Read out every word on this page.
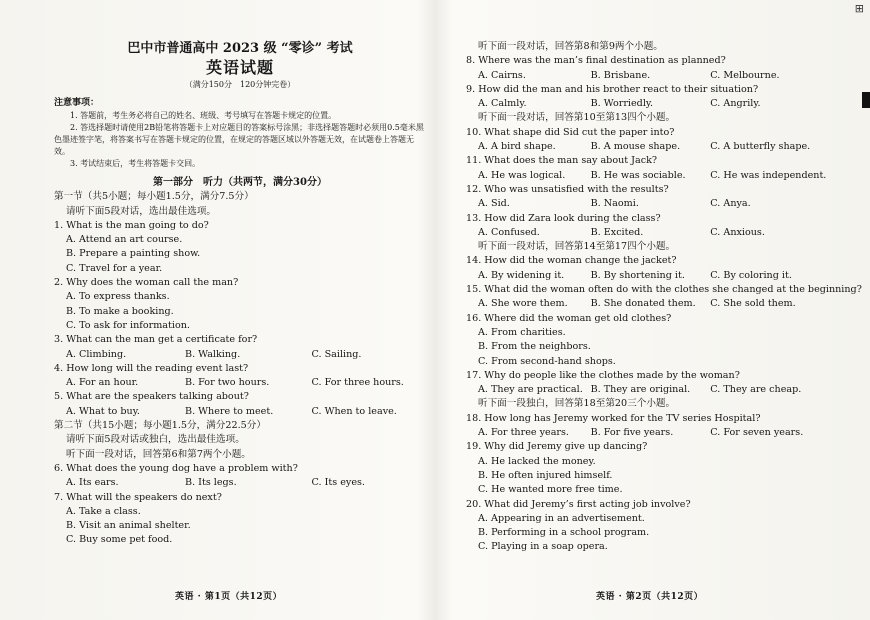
⊞
巴中市普通高中 2023 级 “零诊” 考试
英语试题
（满分150分　120分钟完卷）
注意事项：
1. 答题前，考生务必将自己的姓名、班级、考号填写在答题卡规定的位置。
2. 答选择题时请使用2B铅笔将答题卡上对应题目的答案标号涂黑；非选择题答题时必须用0.5毫米黑色墨迹签字笔，将答案书写在答题卡规定的位置，在规定的答题区域以外答题无效，在试题卷上答题无效。
3. 考试结束后，考生将答题卡交回。
第一部分　听力（共两节，满分30分）
第一节（共5小题；每小题1.5分，满分7.5分）
请听下面5段对话，选出最佳选项。
1. What is the man going to do?
A. Attend an art course.
B. Prepare a painting show.
C. Travel for a year.
2. Why does the woman call the man?
A. To express thanks.
B. To make a booking.
C. To ask for information.
3. What can the man get a certificate for?
A. Climbing.	B. Walking.	C. Sailing.
4. How long will the reading event last?
A. For an hour.	B. For two hours.	C. For three hours.
5. What are the speakers talking about?
A. What to buy.	B. Where to meet.	C. When to leave.
第二节（共15小题；每小题1.5分，满分22.5分）
请听下面5段对话或独白，选出最佳选项。
听下面一段对话，回答第6和第7两个小题。
6. What does the young dog have a problem with?
A. Its ears.	B. Its legs.	C. Its eyes.
7. What will the speakers do next?
A. Take a class.
B. Visit an animal shelter.
C. Buy some pet food.
听下面一段对话，回答第8和第9两个小题。
8. Where was the man’s final destination as planned?
A. Cairns.	B. Brisbane.	C. Melbourne.
9. How did the man and his brother react to their situation?
A. Calmly.	B. Worriedly.	C. Angrily.
听下面一段对话，回答第10至第13四个小题。
10. What shape did Sid cut the paper into?
A. A bird shape.	B. A mouse shape.	C. A butterfly shape.
11. What does the man say about Jack?
A. He was logical.	B. He was sociable.	C. He was independent.
12. Who was unsatisfied with the results?
A. Sid.	B. Naomi.	C. Anya.
13. How did Zara look during the class?
A. Confused.	B. Excited.	C. Anxious.
听下面一段对话，回答第14至第17四个小题。
14. How did the woman change the jacket?
A. By widening it.	B. By shortening it.	C. By coloring it.
15. What did the woman often do with the clothes she changed at the beginning?
A. She wore them.	B. She donated them.	C. She sold them.
16. Where did the woman get old clothes?
A. From charities.
B. From the neighbors.
C. From second-hand shops.
17. Why do people like the clothes made by the woman?
A. They are practical. B. They are original.	C. They are cheap.
听下面一段独白，回答第18至第20三个小题。
18. How long has Jeremy worked for the TV series Hospital?
A. For three years.	B. For five years.	C. For seven years.
19. Why did Jeremy give up dancing?
A. He lacked the money.
B. He often injured himself.
C. He wanted more free time.
20. What did Jeremy’s first acting job involve?
A. Appearing in an advertisement.
B. Performing in a school program.
C. Playing in a soap opera.
英语 · 第1页（共12页）	英语 · 第2页（共12页）
